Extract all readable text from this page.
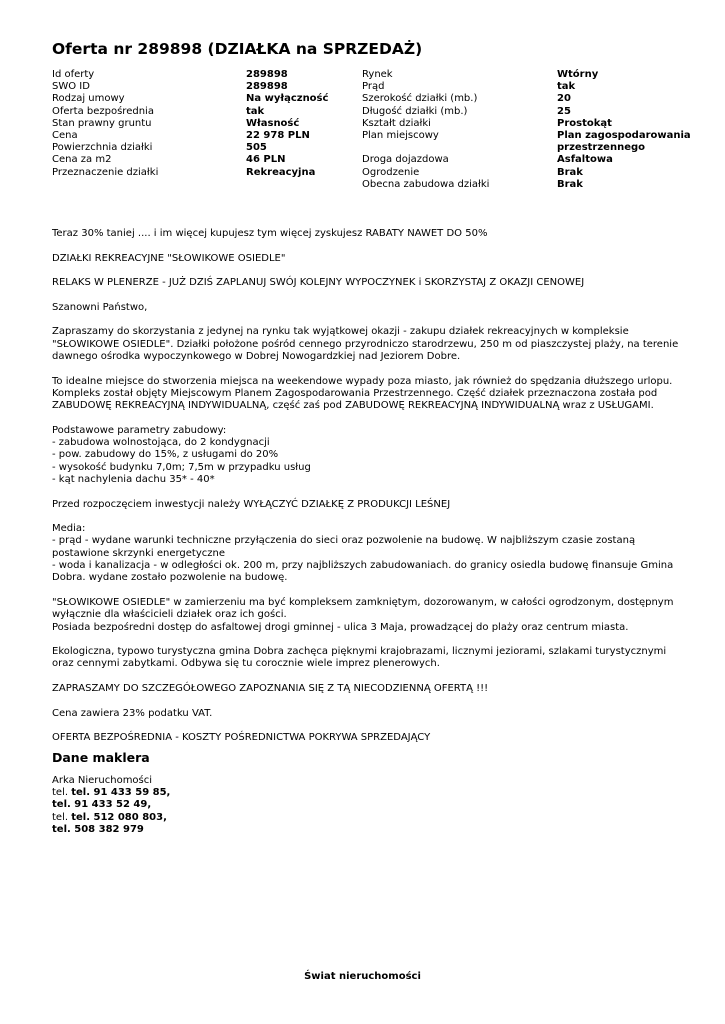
Oferta nr 289898 (DZIAŁKA na SPRZEDAŻ)
Id oferty
SWO ID
Rodzaj umowy
Oferta bezpośrednia
Stan prawny gruntu
Cena
Powierzchnia działki
Cena za m2
Przeznaczenie działki
289898
289898
Na wyłączność
tak
Własność
22 978 PLN
505
46 PLN
Rekreacyjna
Rynek
Prąd
Szerokość działki (mb.)
Długość działki (mb.)
Kształt działki
Plan miejscowy
Droga dojazdowa
Ogrodzenie
Obecna zabudowa działki
Wtórny
tak
20
25
Prostokąt
Plan zagospodarowania
przestrzennego
Asfaltowa
Brak
Brak

Teraz 30% taniej .... i im więcej kupujesz tym więcej zyskujesz RABATY NAWET DO 50%

DZIAŁKI REKREACYJNE "SŁOWIKOWE OSIEDLE"

RELAKS W PLENERZE - JUŻ DZIŚ ZAPLANUJ SWÓJ KOLEJNY WYPOCZYNEK i SKORZYSTAJ Z OKAZJI CENOWEJ

Szanowni Państwo,

Zapraszamy do skorzystania z jedynej na rynku tak wyjątkowej okazji - zakupu działek rekreacyjnych w kompleksie
"SŁOWIKOWE OSIEDLE". Działki położone pośród cennego przyrodniczo starodrzewu, 250 m od piaszczystej plaży, na terenie
dawnego ośrodka wypoczynkowego w Dobrej Nowogardzkiej nad Jeziorem Dobre.

To idealne miejsce do stworzenia miejsca na weekendowe wypady poza miasto, jak również do spędzania dłuższego urlopu.
Kompleks został objęty Miejscowym Planem Zagospodarowania Przestrzennego. Część działek przeznaczona została pod
ZABUDOWĘ REKREACYJNĄ INDYWIDUALNĄ, część zaś pod ZABUDOWĘ REKREACYJNĄ INDYWIDUALNĄ wraz z USŁUGAMI.

Podstawowe parametry zabudowy:
- zabudowa wolnostojąca, do 2 kondygnacji
- pow. zabudowy do 15%, z usługami do 20%
- wysokość budynku 7,0m; 7,5m w przypadku usług
- kąt nachylenia dachu 35* - 40*

Przed rozpoczęciem inwestycji należy WYŁĄCZYĆ DZIAŁKĘ Z PRODUKCJI LEŚNEJ

Media:
- prąd - wydane warunki techniczne przyłączenia do sieci oraz pozwolenie na budowę. W najbliższym czasie zostaną
postawione skrzynki energetyczne
- woda i kanalizacja - w odległości ok. 200 m, przy najbliższych zabudowaniach. do granicy osiedla budowę finansuje Gmina
Dobra. wydane zostało pozwolenie na budowę.

"SŁOWIKOWE OSIEDLE" w zamierzeniu ma być kompleksem zamkniętym, dozorowanym, w całości ogrodzonym, dostępnym
wyłącznie dla właścicieli działek oraz ich gości.
Posiada bezpośredni dostęp do asfaltowej drogi gminnej - ulica 3 Maja, prowadzącej do plaży oraz centrum miasta.

Ekologiczna, typowo turystyczna gmina Dobra zachęca pięknymi krajobrazami, licznymi jeziorami, szlakami turystycznymi
oraz cennymi zabytkami. Odbywa się tu corocznie wiele imprez plenerowych.

ZAPRASZAMY DO SZCZEGÓŁOWEGO ZAPOZNANIA SIĘ Z TĄ NIECODZIENNĄ OFERTĄ !!!

Cena zawiera 23% podatku VAT.

OFERTA BEZPOŚREDNIA - KOSZTY POŚREDNICTWA POKRYWA SPRZEDAJĄCY

Dane maklera
Arka Nieruchomości
tel. tel. 91 433 59 85,
tel. 91 433 52 49,
tel. tel. 512 080 803,
tel. 508 382 979
Świat nieruchomości
